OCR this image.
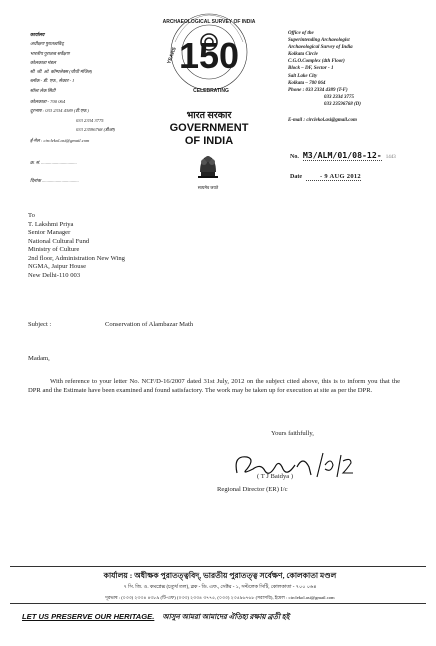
कार्यालय
अधीक्षण पुरातत्वविद्
भारतीय पुरातत्व सर्वेक्षण
कोलकाता मंडल
सी. जी. ओ. कॉम्पलेक्स (चौथी मंजिल)
ब्लॉक - डी. एफ., सेक्टर - I
सॉल्ट लेक सिटी
कोलकाता - 700 064
दूरभाष : 033 2334 4389 (टी.एफ.)
033 2334 3775
033 23596768 (डीआ)
ई-मेल : circlekol.asi@gmail.com
क्र. सं. ...............................
दिनांक ................................
150
ARCHAEOLOGICAL SURVEY OF INDIA
YEARS
CELEBRATING
भारत सरकार
GOVERNMENT
OF INDIA
सत्यमेव जयते
Office of the
Superintending Archaeologist
Archaeological Survey of India
Kolkata Circle
C.G.O.Complex (4th Floor)
Block – DF, Sector - 1
Salt Lake City
Kolkata – 700 064
Phone : 033 2334 4389 (T-F)
033 2334 3775
033 23596768 (D)
E-mail : circlekol.asi@gmail.com
No. M3/ALM/01/08-12- 1443
Date	- 9 AUG 2012
To
T. Lakshmi Priya
Senior Manager
National Cultural Fund
Ministry of Culture
2nd floor, Administration New Wing
NGMA, Jaipur House
New Delhi-110 003
Subject :	Conservation of Alambazar Math
Madam,
With reference to your letter No. NCF/D-16/2007 dated 31st July, 2012 on the subject cited above, this is to inform you that the DPR and the Estimate have been examined and found satisfactory. The work may be taken up for execution at site as per the DPR.
Yours faithfully,
( T J Baidya )
Regional Director (ER) I/c
কার্যালয় : অধীক্ষক পুরাতত্ত্ববিদ্, ভারতীয় পুরাতত্ত্ব সর্বেক্ষণ, কোলকাতা মণ্ডল
৭ সি. জি. ও. কমপ্লেক্স (চতুর্থ তল), ব্লক - ডি. এফ., সেক্টর - ১, সল্টলেক সিটি, কোলকাতা - ৭০০ ০৬৪
দূরভাষ : (০৩৩) ২৩৩৪ ৪৩৮৯ (টি-এফ) (০৩৩) ২৩৩৪ ৩৭৭৫, (০৩৩) ২৩৫৯৬৭৬৮ (সরাসরি), ইমেল : circlekol.asi@gmail.com
LET US PRESERVE OUR HERITAGE. আসুন আমরা আমাদের ঐতিহ্য রক্ষায় ব্রতী হই
